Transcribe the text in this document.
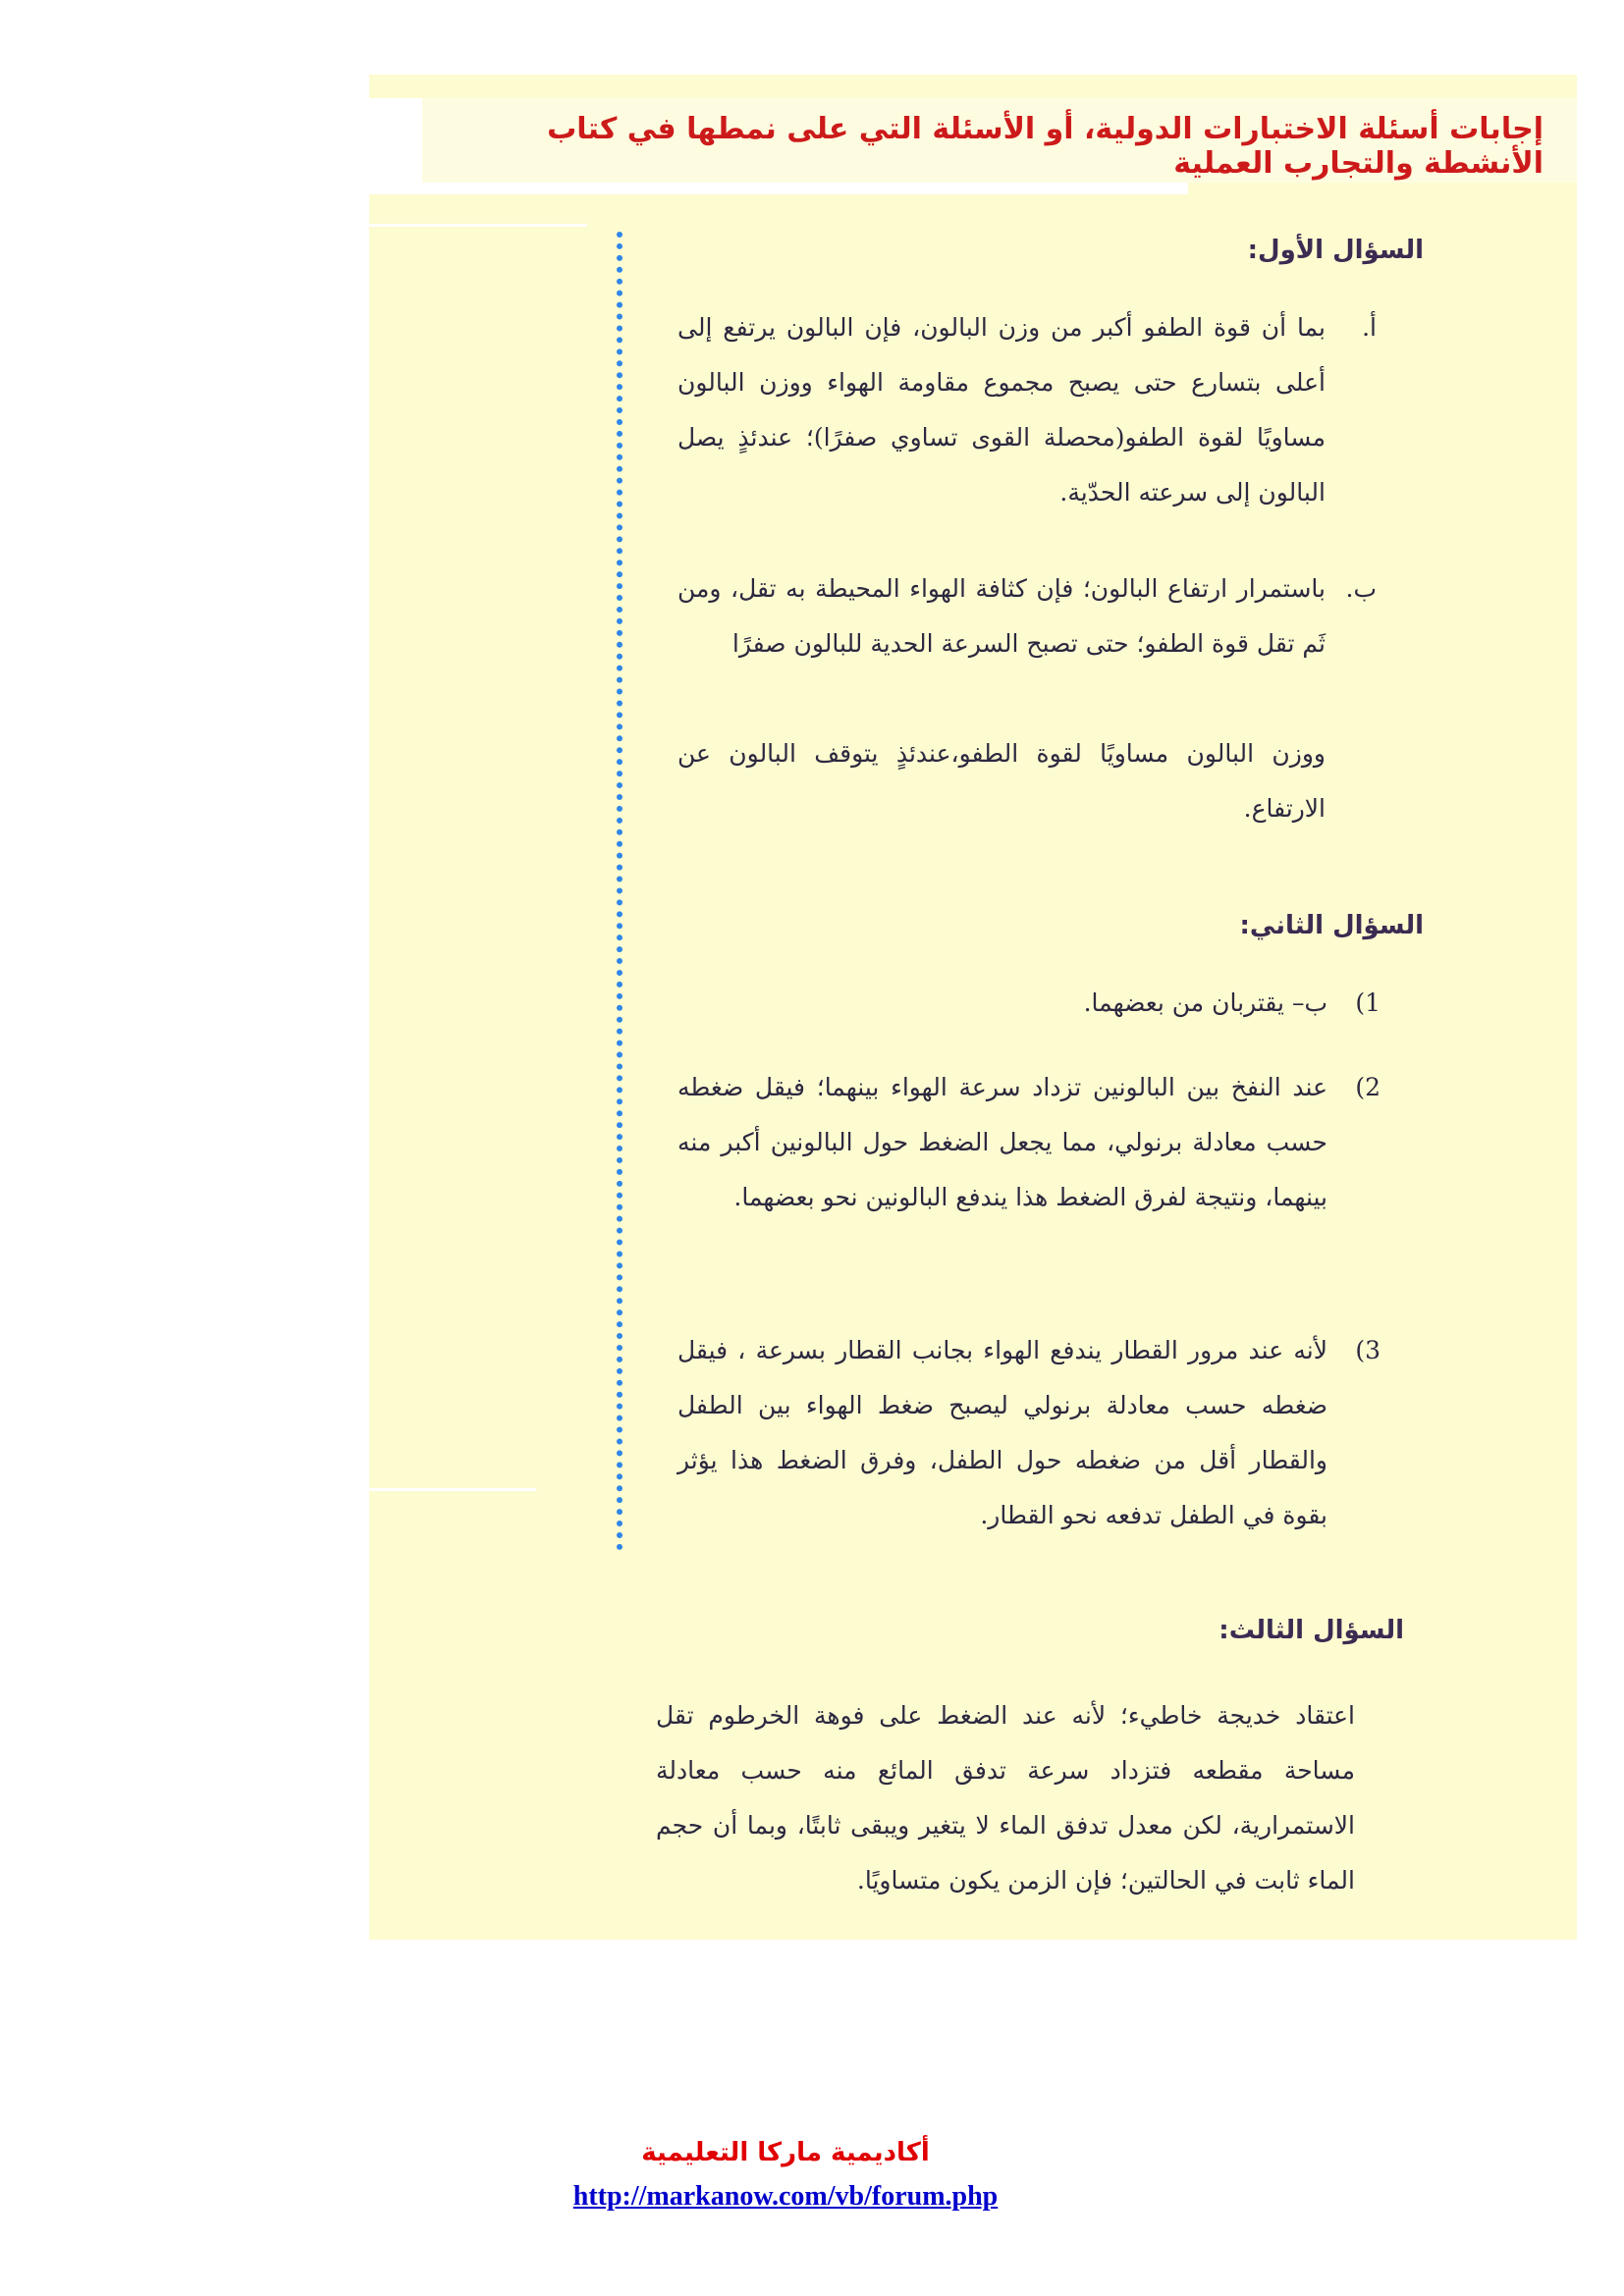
إجابات أسئلة الاختبارات الدولية، أو الأسئلة التي على نمطها في كتاب الأنشطة والتجارب العملية
السؤال الأول:
أ.
بما أن قوة الطفو أكبر من وزن البالون، فإن البالون يرتفع إلى أعلى بتسارع حتى يصبح مجموع مقاومة الهواء ووزن البالون مساويًا لقوة الطفو(محصلة القوى تساوي صفرًا)؛ عندئذٍ يصل البالون إلى سرعته الحدّية.
ب.
باستمرار ارتفاع البالون؛ فإن كثافة الهواء المحيطة به تقل، ومن ثَم تقل قوة الطفو؛ حتى تصبح السرعة الحدية للبالون صفرًا
ووزن البالون مساويًا لقوة الطفو،عندئذٍ يتوقف البالون عن الارتفاع.
السؤال الثاني:
1)
ب– يقتربان من بعضهما.
2)
عند النفخ بين البالونين تزداد سرعة الهواء بينهما؛ فيقل ضغطه حسب معادلة برنولي، مما يجعل الضغط حول البالونين أكبر منه بينهما، ونتيجة لفرق الضغط هذا يندفع البالونين نحو بعضهما.
3)
لأنه عند مرور القطار يندفع الهواء بجانب القطار بسرعة ، فيقل ضغطه حسب معادلة برنولي ليصبح ضغط الهواء بين الطفل والقطار أقل من ضغطه حول الطفل، وفرق الضغط هذا يؤثر بقوة في الطفل تدفعه نحو القطار.
السؤال الثالث:
اعتقاد خديجة خاطيء؛ لأنه عند الضغط على فوهة الخرطوم تقل مساحة مقطعه فتزداد سرعة تدفق المائع منه حسب معادلة الاستمرارية، لكن معدل تدفق الماء لا يتغير ويبقى ثابتًا، وبما أن حجم الماء ثابت في الحالتين؛ فإن الزمن يكون متساويًا.
أكاديمية ماركا التعليمية
http://markanow.com/vb/forum.php
